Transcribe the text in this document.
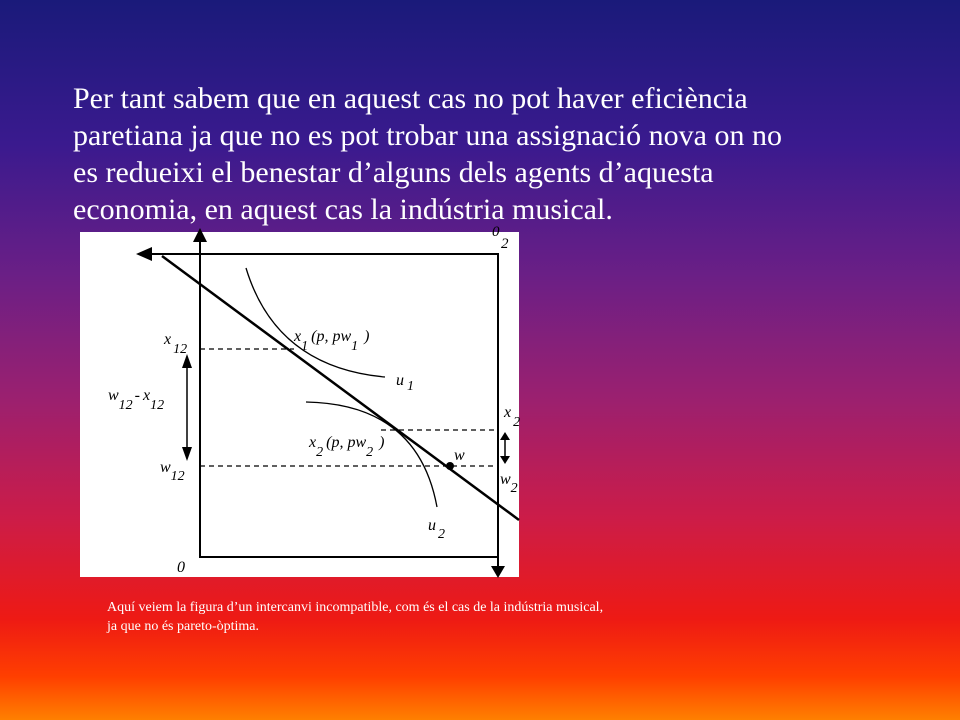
Per tant sabem que en aquest cas no pot haver eficiència
paretiana ja que no es pot trobar una assignació nova on no
es redueixi el benestar d’alguns dels agents d’aquesta
economia, en aquest cas la indústria musical.

0
2
x12
x1(p, pw1)
u 1
w12- x12	x2
x2(p, pw2)
w
w12	w2
u2
0

Aquí veiem la figura d’un intercanvi incompatible, com és el cas de la indústria musical,
ja que no és pareto-òptima.
